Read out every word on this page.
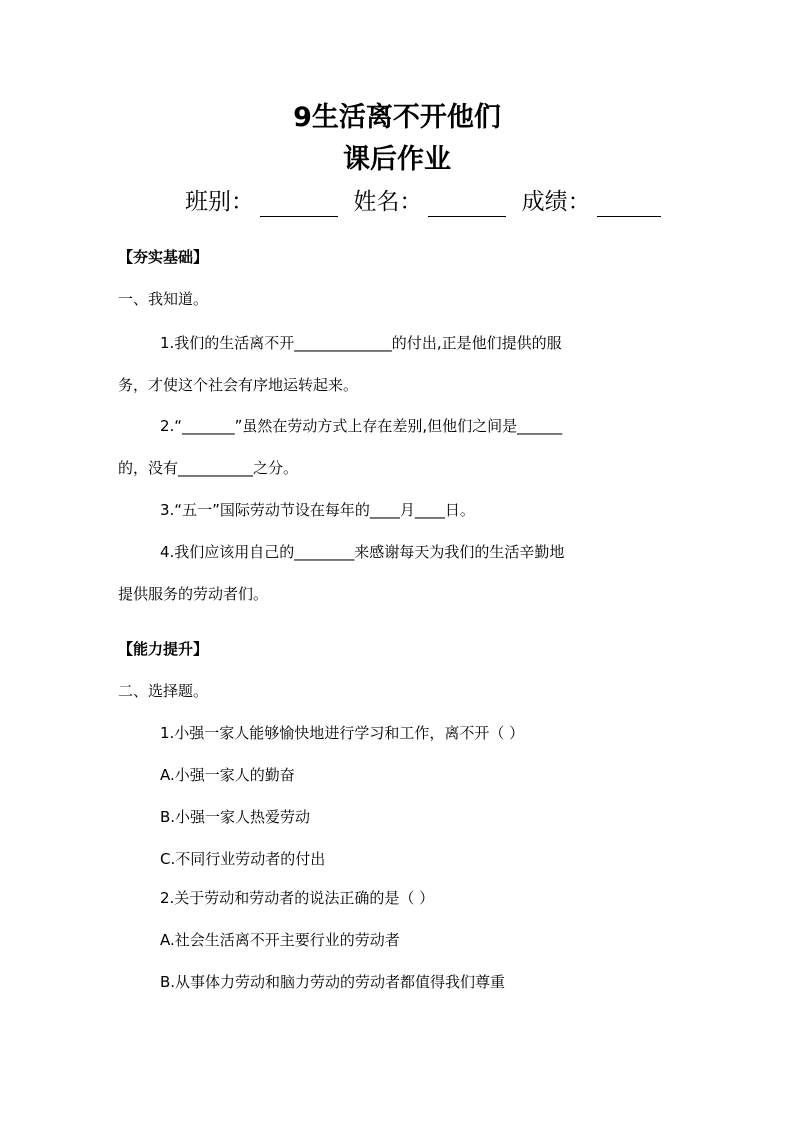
9生活离不开他们
课后作业
班别：	姓名：	成绩：
【夯实基础】
一、我知道。
1.我们的生活离不开_____________的付出,正是他们提供的服
务，才使这个社会有序地运转起来。
2.“_______”虽然在劳动方式上存在差别,但他们之间是______
的，没有__________之分。
3.“五一”国际劳动节设在每年的____月____日。
4.我们应该用自己的________来感谢每天为我们的生活辛勤地
提供服务的劳动者们。
【能力提升】
二、选择题。
1.小强一家人能够愉快地进行学习和工作，离不开（ ）
A.小强一家人的勤奋
B.小强一家人热爱劳动
C.不同行业劳动者的付出
2.关于劳动和劳动者的说法正确的是（ ）
A.社会生活离不开主要行业的劳动者
B.从事体力劳动和脑力劳动的劳动者都值得我们尊重
